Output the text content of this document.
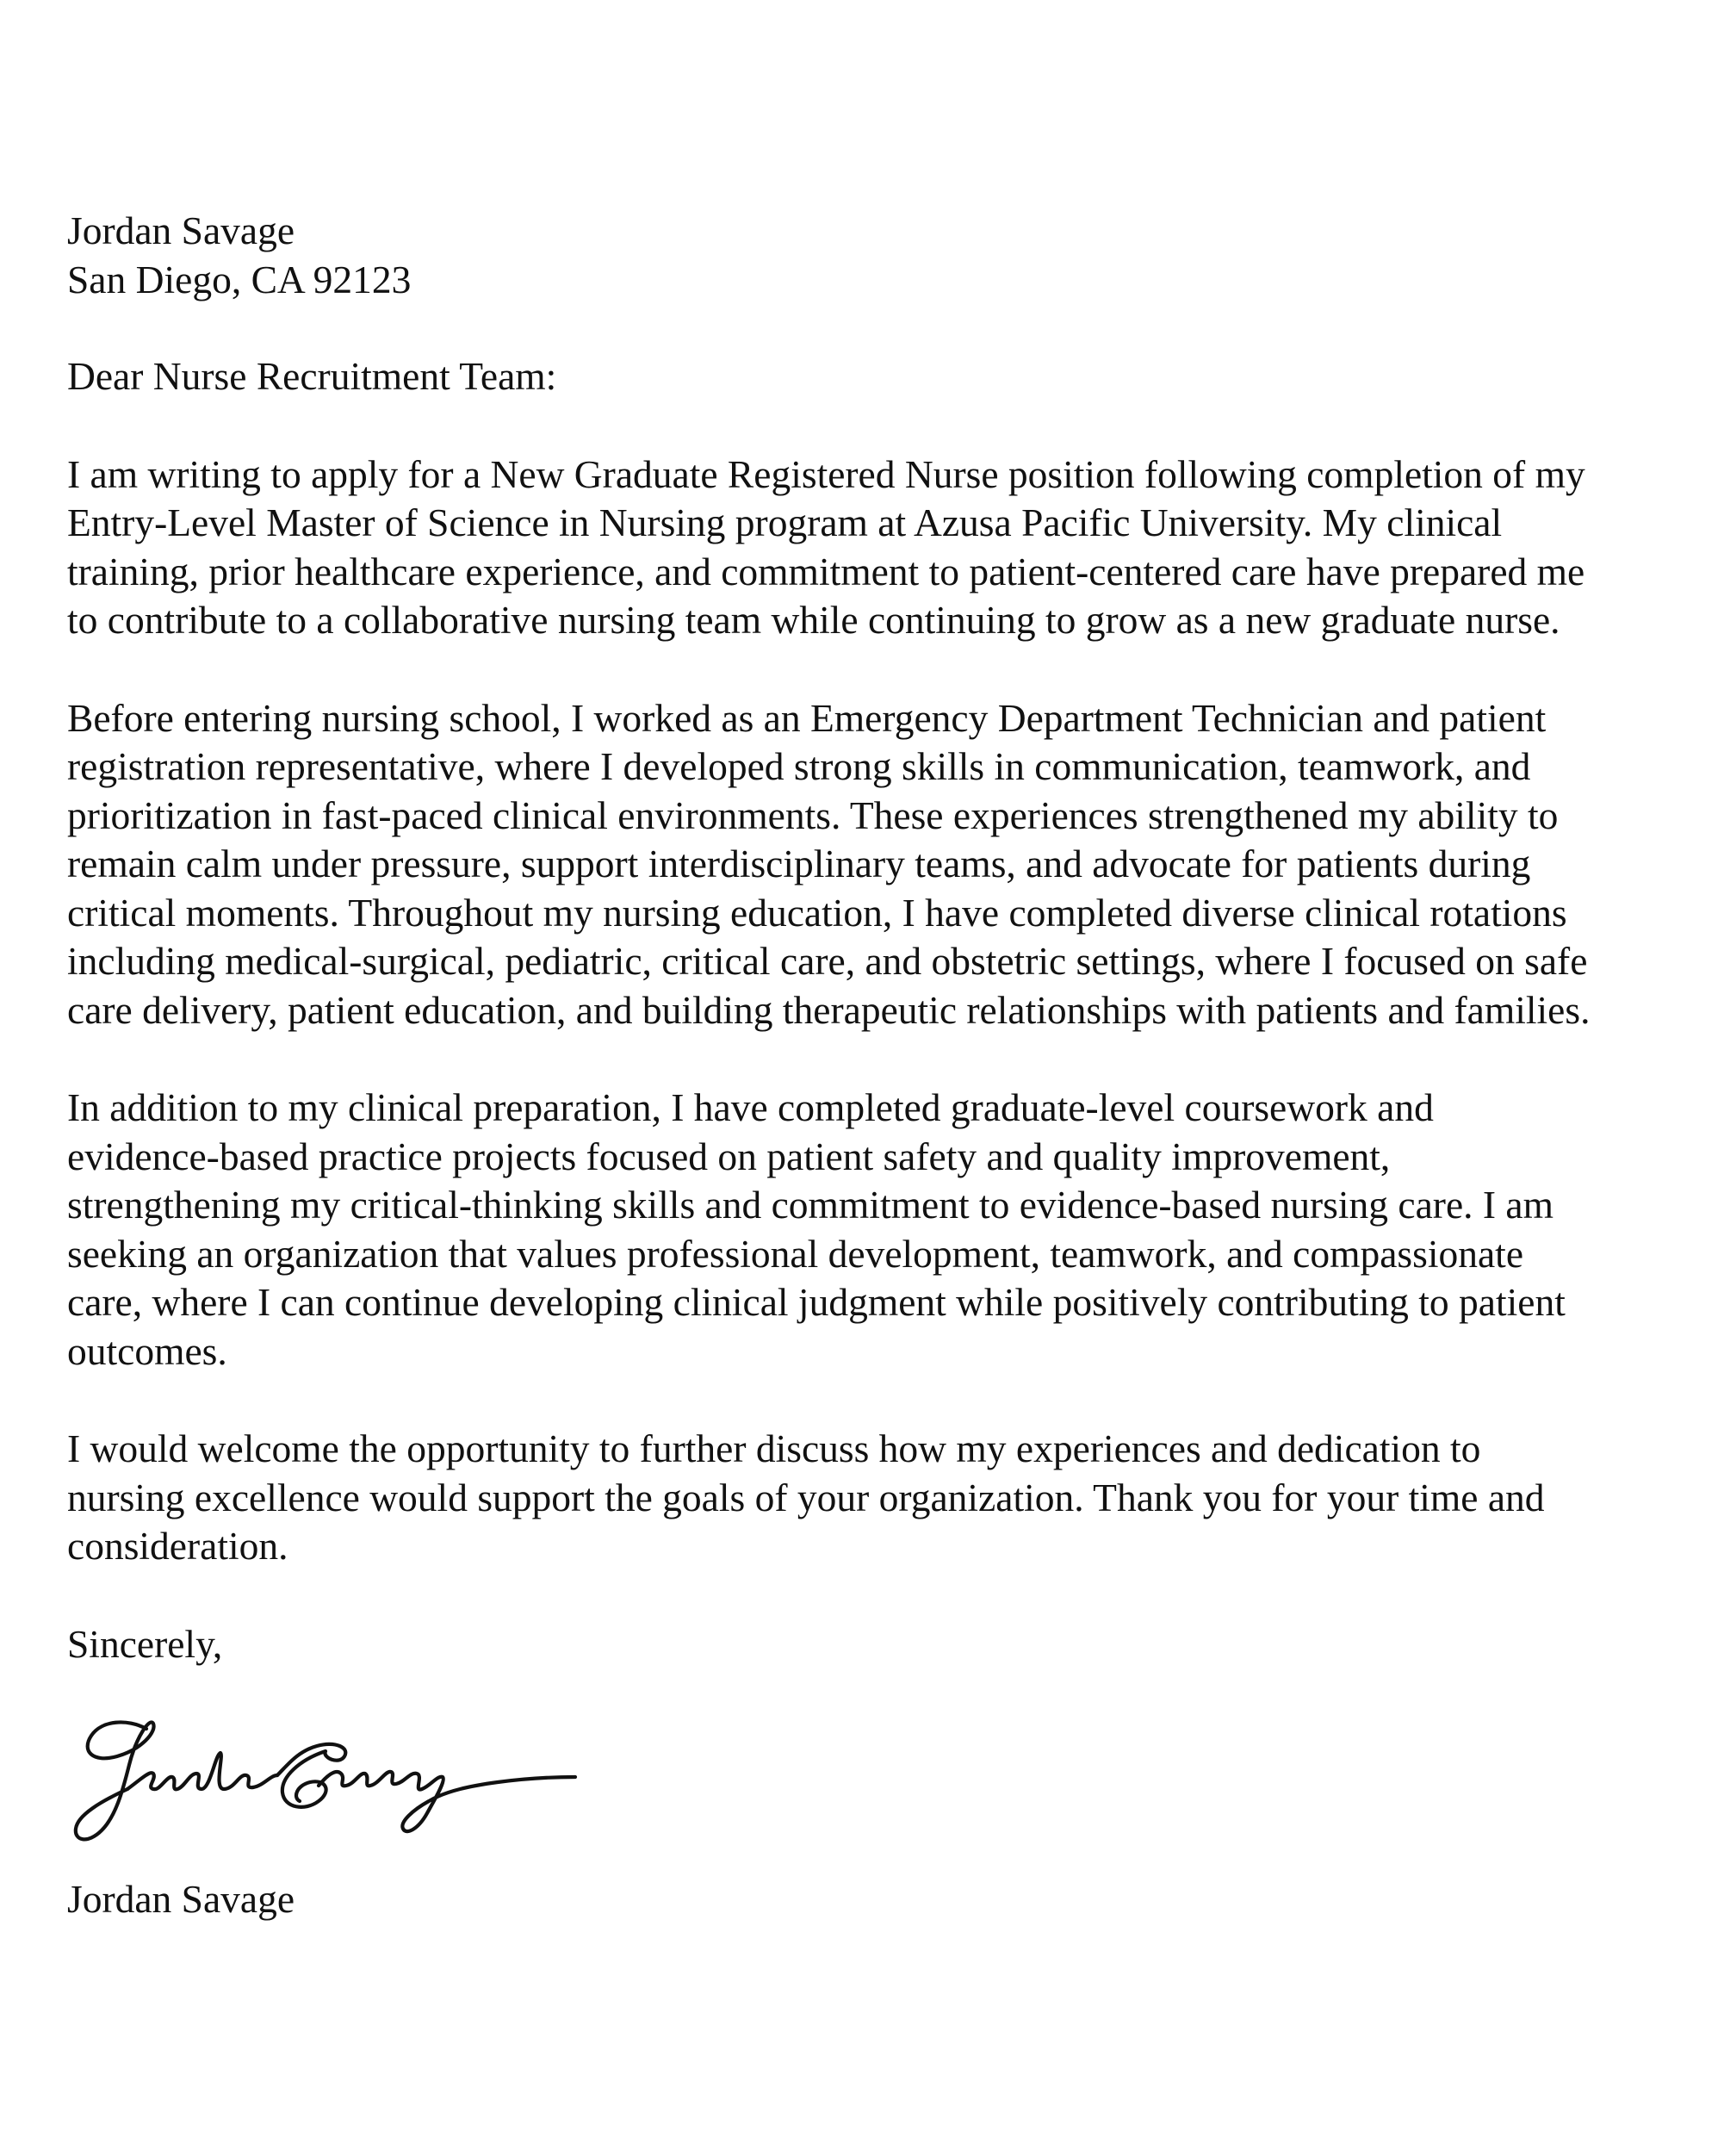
Jordan Savage
San Diego, CA 92123
Dear Nurse Recruitment Team:
I am writing to apply for a New Graduate Registered Nurse position following completion of my
Entry-Level Master of Science in Nursing program at Azusa Pacific University. My clinical
training, prior healthcare experience, and commitment to patient-centered care have prepared me
to contribute to a collaborative nursing team while continuing to grow as a new graduate nurse.
Before entering nursing school, I worked as an Emergency Department Technician and patient
registration representative, where I developed strong skills in communication, teamwork, and
prioritization in fast-paced clinical environments. These experiences strengthened my ability to
remain calm under pressure, support interdisciplinary teams, and advocate for patients during
critical moments. Throughout my nursing education, I have completed diverse clinical rotations
including medical-surgical, pediatric, critical care, and obstetric settings, where I focused on safe
care delivery, patient education, and building therapeutic relationships with patients and families.
In addition to my clinical preparation, I have completed graduate-level coursework and
evidence-based practice projects focused on patient safety and quality improvement,
strengthening my critical-thinking skills and commitment to evidence-based nursing care. I am
seeking an organization that values professional development, teamwork, and compassionate
care, where I can continue developing clinical judgment while positively contributing to patient
outcomes.
I would welcome the opportunity to further discuss how my experiences and dedication to
nursing excellence would support the goals of your organization. Thank you for your time and
consideration.
Sincerely,
Jordan Savage
